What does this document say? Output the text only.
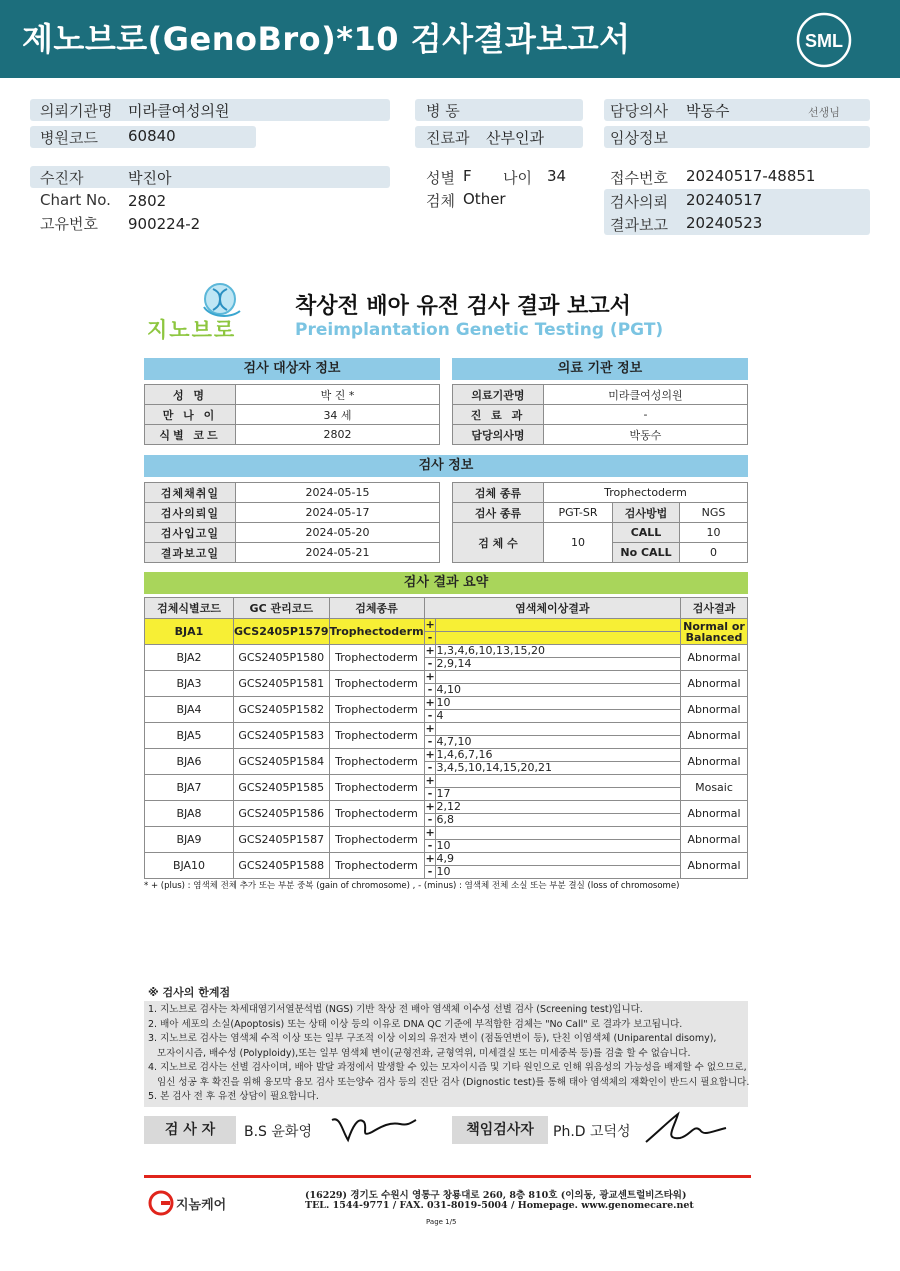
제노브로(GenoBro)*10 검사결과보고서	SML
의뢰기관명 미라클여성의원
병원코드 60840
병 동
진료과 산부인과
담당의사 박동수	선생님
임상정보
수진자	박진아
Chart No. 2802
고유번호 900224-2
성별 F 나이 34
검체 Other
접수번호 20240517-48851
검사의뢰 20240517
결과보고 20240523
지노브로
착상전 배아 유전 검사 결과 보고서
Preimplantation Genetic Testing (PGT)
검사 대상자 정보
성 명	박 진 *
만 나 이	34 세
식별 코드	2802
의료 기관 정보
의료기관명	미라클여성의원
진 료 과	-
담당의사명	박동수
검사 정보
검체채취일	2024-05-15
검사의뢰일	2024-05-17
검사입고일	2024-05-20
결과보고일	2024-05-21
검체 종류	Trophectoderm		
검사 종류	PGT-SR	검사방법	NGS
검 체 수	10	CALL	10
		No CALL	0
검사 결과 요약
검체식별코드	GC 관리코드	검체종류	염색체이상결과	검사결과
BJA1	GCS2405P1579	Trophectoderm	+
-	Normal or Balanced
BJA2	GCS2405P1580	Trophectoderm	+ 1,3,4,6,10,13,15,20
- 2,9,14	Abnormal
BJA3	GCS2405P1581	Trophectoderm	+
- 4,10	Abnormal
BJA4	GCS2405P1582	Trophectoderm	+ 10
- 4	Abnormal
BJA5	GCS2405P1583	Trophectoderm	+
- 4,7,10	Abnormal
BJA6	GCS2405P1584	Trophectoderm	+ 1,4,6,7,16
- 3,4,5,10,14,15,20,21	Abnormal
BJA7	GCS2405P1585	Trophectoderm	+
- 17	Mosaic
BJA8	GCS2405P1586	Trophectoderm	+ 2,12
- 6,8	Abnormal
BJA9	GCS2405P1587	Trophectoderm	+
- 10	Abnormal
BJA10	GCS2405P1588	Trophectoderm	+ 4,9
- 10	Abnormal
* + (plus) : 염색체 전체 추가 또는 부분 중복 (gain of chromosome) , - (minus) : 염색체 전체 소실 또는 부분 결실 (loss of chromosome)
※ 검사의 한계점
1. 지노브로 검사는 차세대염기서열분석법 (NGS) 기반 착상 전 배아 염색체 이수성 선별 검사 (Screening test)입니다.
2. 배아 세포의 소실(Apoptosis) 또는 상태 이상 등의 이유로 DNA QC 기준에 부적합한 검체는 "No Call" 로 결과가 보고됩니다.
3. 지노브로 검사는 염색체 수적 이상 또는 일부 구조적 이상 이외의 유전자 변이 (점돌연변이 등), 단친 이염색체 (Uniparental disomy),
모자이시즘, 배수성 (Polyploidy),또는 일부 염색체 변이(균형전좌, 균형역위, 미세결실 또는 미세중복 등)를 검출 할 수 없습니다.
4. 지노브로 검사는 선별 검사이며, 배아 발달 과정에서 발생할 수 있는 모자이시즘 및 기타 원인으로 인해 위음성의 가능성을 배제할 수 없으므로,
임신 성공 후 확진을 위해 융모막 융모 검사 또는양수 검사 등의 진단 검사 (Dignostic test)를 통해 태아 염색체의 재확인이 반드시 필요합니다.
5. 본 검사 전 후 유전 상담이 필요합니다.
검 사 자	B.S 윤화영	책임검사자	Ph.D 고덕성
지놈케어
(16229) 경기도 수원시 영통구 창룡대로 260, 8층 810호 (이의동, 광교센트럴비즈타워)
TEL. 1544-9771 / FAX. 031-8019-5004 / Homepage. www.genomecare.net
Page 1/5
